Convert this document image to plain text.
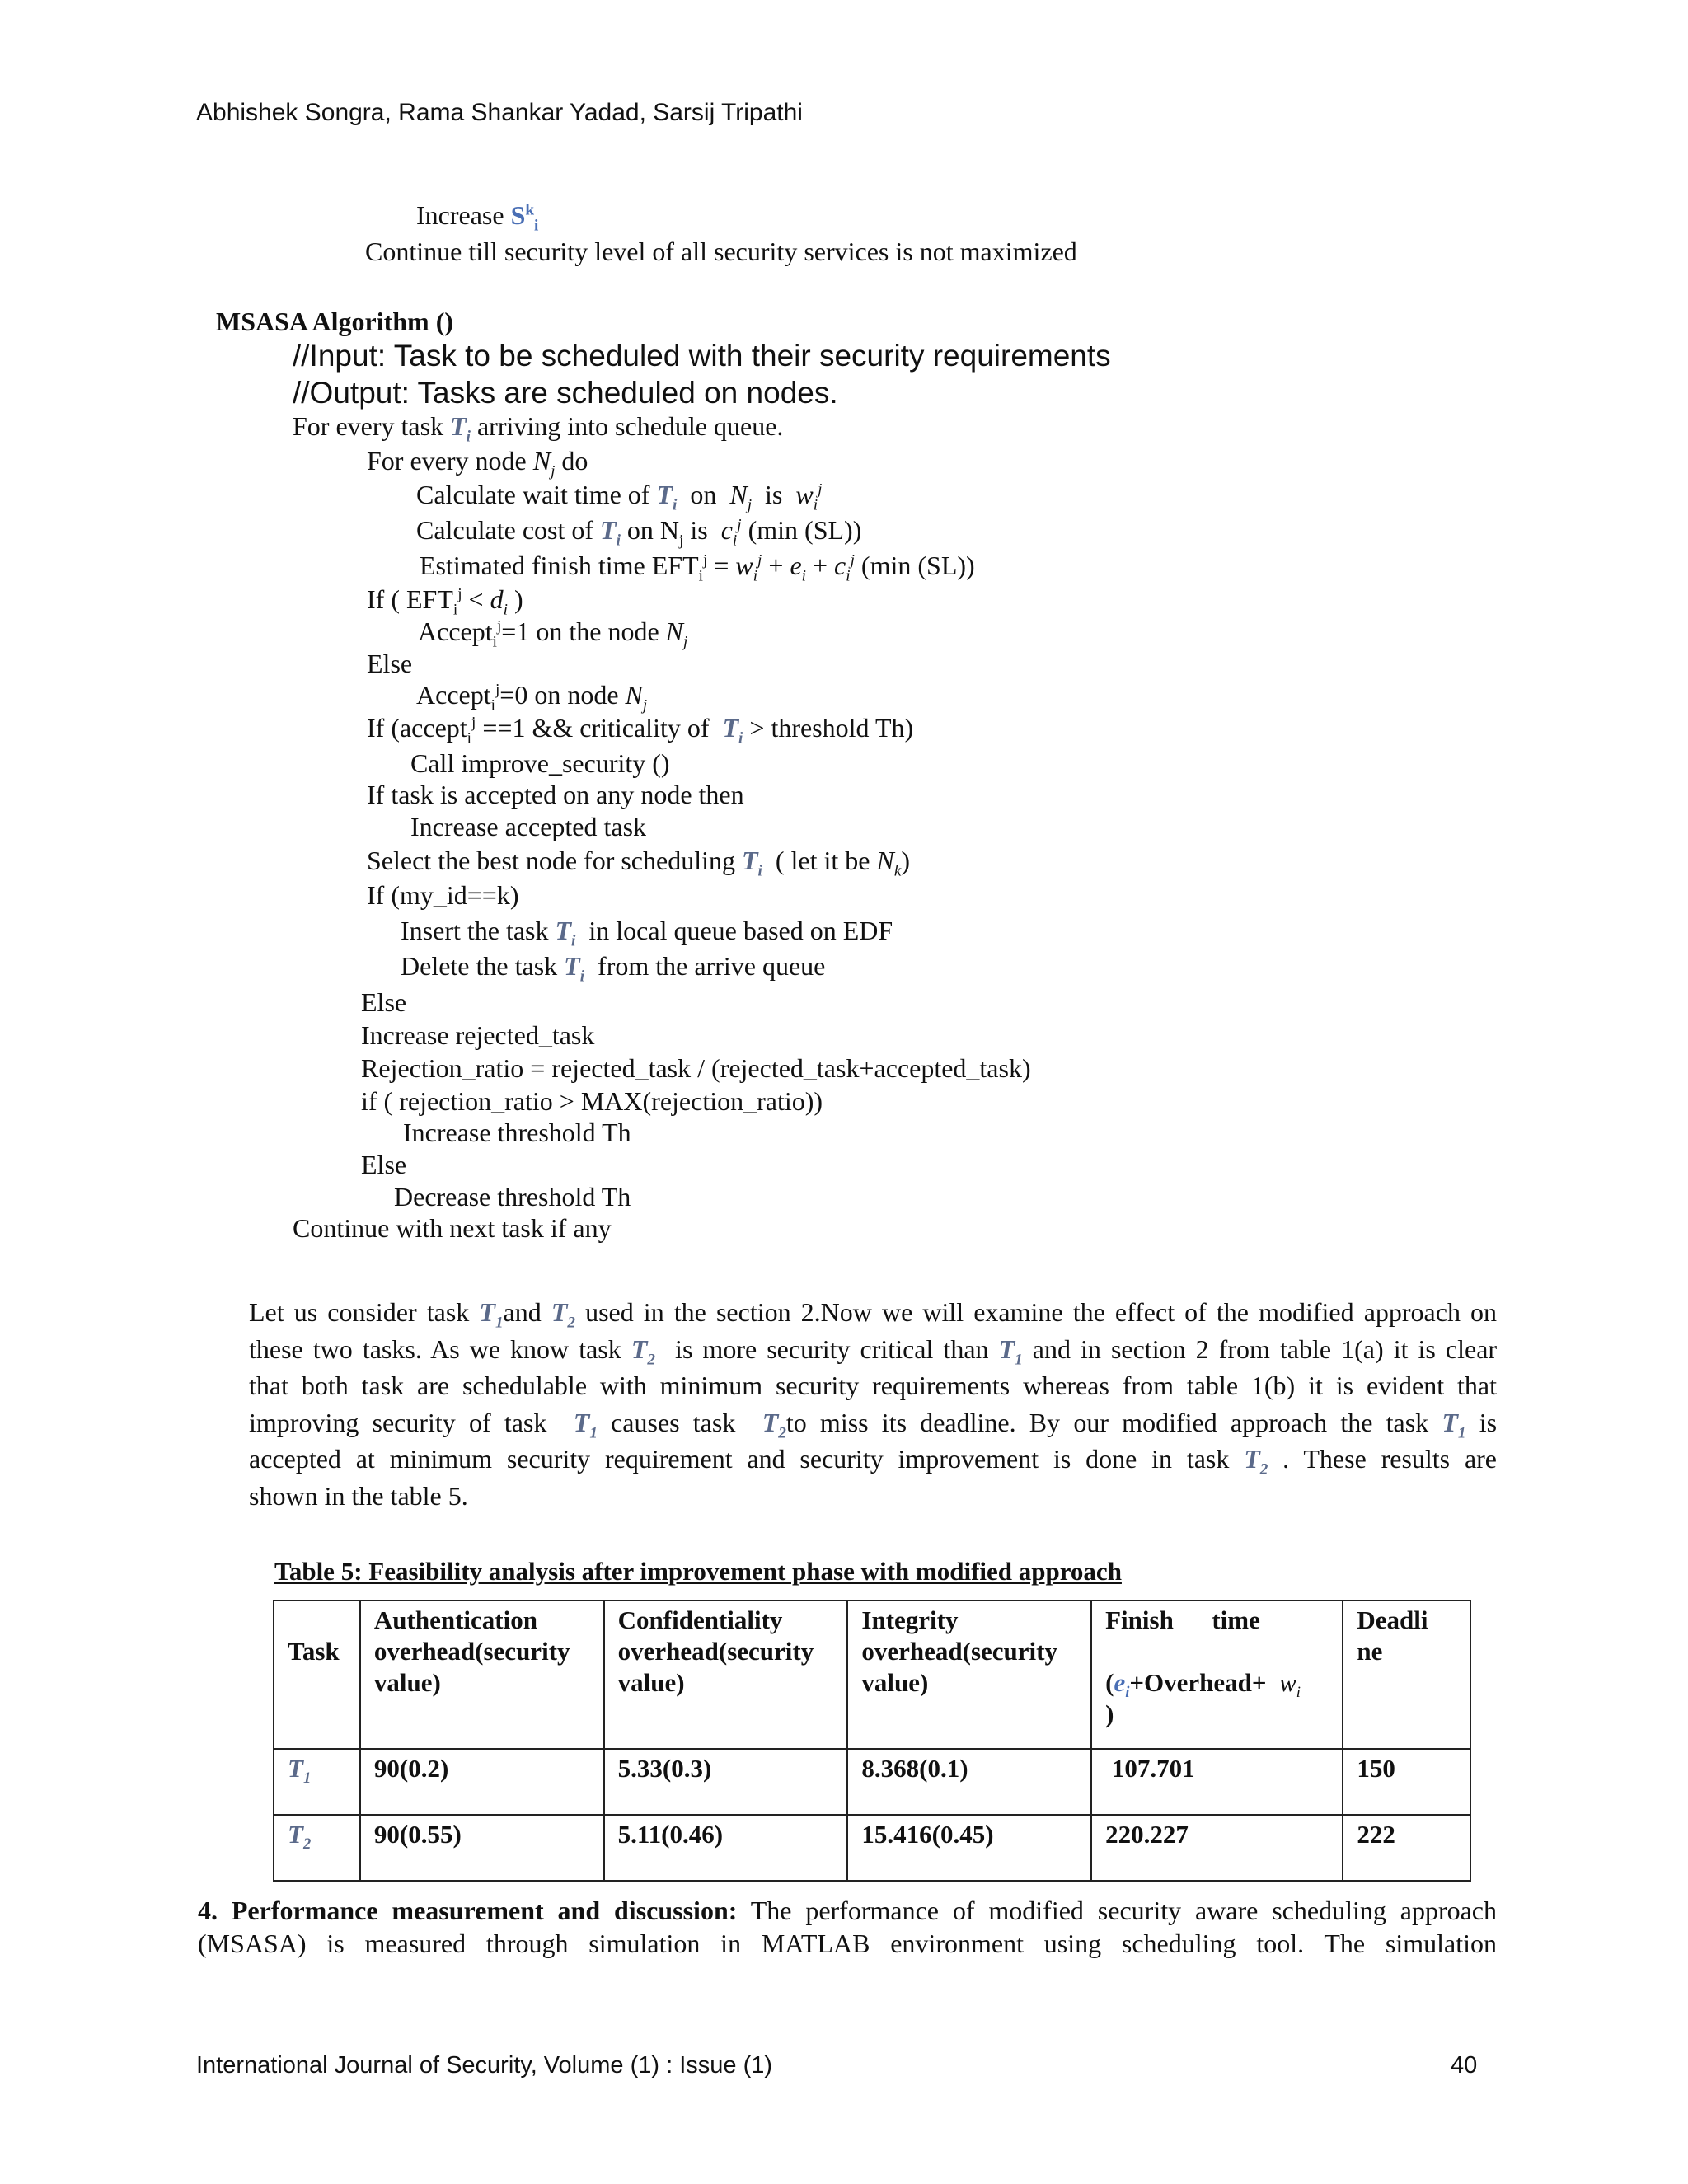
Abhishek Songra, Rama Shankar Yadad, Sarsij Tripathi
Increase $S^k_i$
Continue till security level of all security services is not maximized
MSASA Algorithm ()
//Input: Task to be scheduled with their security requirements
//Output: Tasks are scheduled on nodes.
For every task $T_i$ arriving into schedule queue.
For every node $N_j$ do
Calculate wait time of $T_i$ on $N_j$ is $w_i^j$
Calculate cost of $T_i$ on $N_j$ is $c_i^j$ (min (SL))
Estimated finish time $EFT_i^j = w_i^j + e_i + c_i^j$ (min (SL))
If ( $EFT_i^j < d_i$ )
Accept$_i^j$=1 on the node $N_j$
Else
Accept$_i^j$=0 on node $N_j$
If (accept$_i^j$ ==1 && criticality of $T_i$ > threshold Th)
Call improve_security ()
If task is accepted on any node then
Increase accepted task
Select the best node for scheduling $T_i$ ( let it be $N_k$)
If (my_id==k)
Insert the task $T_i$ in local queue based on EDF
Delete the task $T_i$ from the arrive queue
Else
Increase rejected_task
Rejection_ratio = rejected_task / (rejected_task+accepted_task)
if ( rejection_ratio > MAX(rejection_ratio))
Increase threshold Th
Else
Decrease threshold Th
Continue with next task if any
Let us consider task $T_1and$ $T_2$ used in the section 2.Now we will examine the effect of the modified approach on
these two tasks. As we know task $T_2$ is more security critical than $T_1$ and in section 2 from table 1(a) it is clear
that both task are schedulable with minimum security requirements whereas from table 1(b) it is evident that
improving security of task $T_1$ causes task $T_2to$ miss its deadline. By our modified approach the task $T_1$ is
accepted at minimum security requirement and security improvement is done in task $T_2$ . These results are
shown in the table 5.
Table 5: Feasibility analysis after improvement phase with modified approach
Task	Authentication overhead(security value)	Confidentiality overhead(security value)	Integrity overhead(security value)	Finish      time
($e_i+Overhead+ w_i$
)	Deadli ne
$T_1$	90(0.2)	5.33(0.3)	8.368(0.1)	107.701	150
$T_2$	90(0.55)	5.11(0.46)	15.416(0.45)	220.227	222
4. Performance measurement and discussion: The performance of modified security aware scheduling approach
(MSASA) is measured through simulation in MATLAB environment using scheduling tool. The simulation
International Journal of Security, Volume (1) : Issue (1)	40
